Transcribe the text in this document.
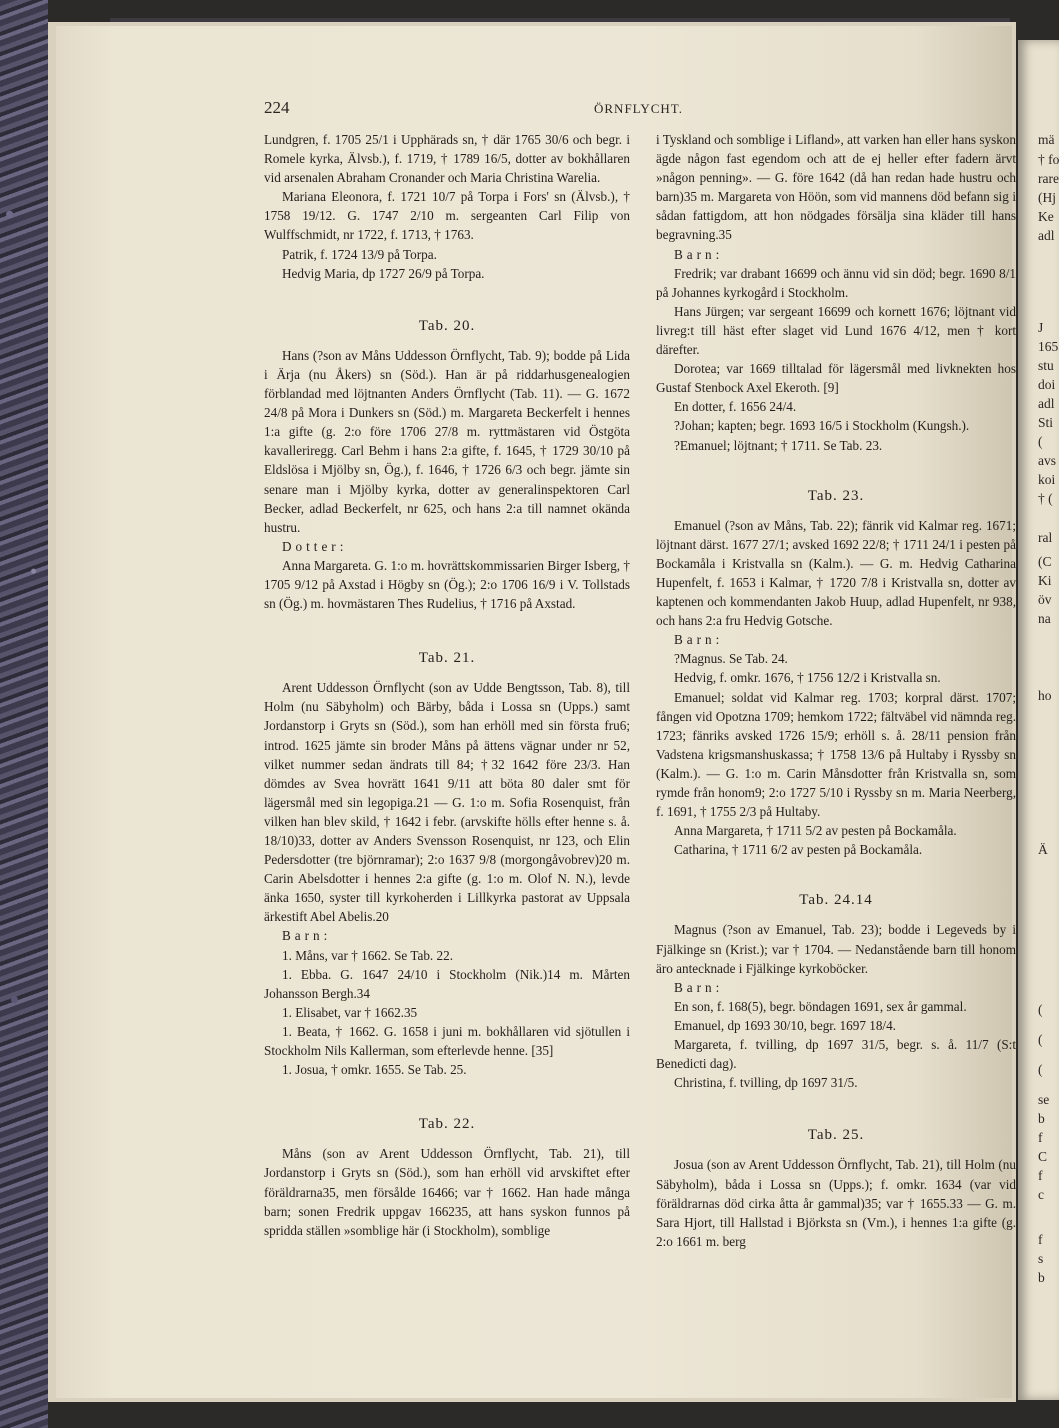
224	ÖRNFLYCHT.

Lundgren, f. 1705 25/1 i Upphärads sn, † där 1765 30/6 och begr. i Romele kyrka, Älvsb.), f. 1719, † 1789 16/5, dotter av bokhållaren vid arsenalen Abraham Cronander och Maria Christina Warelia.

Mariana Eleonora, f. 1721 10/7 på Torpa i Fors' sn (Älvsb.), † 1758 19/12. G. 1747 2/10 m. sergeanten Carl Filip von Wulffschmidt, nr 1722, f. 1713, † 1763.

Patrik, f. 1724 13/9 på Torpa.

Hedvig Maria, dp 1727 26/9 på Torpa.

Tab. 20.

Hans (?son av Måns Uddesson Örnflycht, Tab. 9); bodde på Lida i Ärja (nu Åkers) sn (Söd.). Han är på riddarhusgenealogien förblandad med löjtnanten Anders Örnflycht (Tab. 11). — G. 1672 24/8 på Mora i Dunkers sn (Söd.) m. Margareta Beckerfelt i hennes 1:a gifte (g. 2:o före 1706 27/8 m. ryttmästaren vid Östgöta kavalleriregg. Carl Behm i hans 2:a gifte, f. 1645, † 1729 30/10 på Eldslösa i Mjölby sn, Ög.), f. 1646, † 1726 6/3 och begr. jämte sin senare man i Mjölby kyrka, dotter av generalinspektoren Carl Becker, adlad Beckerfelt, nr 625, och hans 2:a till namnet okända hustru.

Dotter:

Anna Margareta. G. 1:o m. hovrättskommissarien Birger Isberg, † 1705 9/12 på Axstad i Högby sn (Ög.); 2:o 1706 16/9 i V. Tollstads sn (Ög.) m. hovmästaren Thes Rudelius, † 1716 på Axstad.

Tab. 21.

Arent Uddesson Örnflycht (son av Udde Bengtsson, Tab. 8), till Holm (nu Säbyholm) och Bärby, båda i Lossa sn (Upps.) samt Jordanstorp i Gryts sn (Söd.), som han erhöll med sin första fru6; introd. 1625 jämte sin broder Måns på ättens vägnar under nr 52, vilket nummer sedan ändrats till 84; †32 1642 före 23/3. Han dömdes av Svea hovrätt 1641 9/11 att böta 80 daler smt för lägersmål med sin legopiga.21 — G. 1:o m. Sofia Rosenquist, från vilken han blev skild, † 1642 i febr. (arvskifte hölls efter henne s. å. 18/10)33, dotter av Anders Svensson Rosenquist, nr 123, och Elin Pedersdotter (tre björnramar); 2:o 1637 9/8 (morgongåvobrev)20 m. Carin Abelsdotter i hennes 2:a gifte (g. 1:o m. Olof N. N.), levde änka 1650, syster till kyrkoherden i Lillkyrka pastorat av Uppsala ärkestift Abel Abelis.20

Barn:

1. Måns, var † 1662. Se Tab. 22.

1. Ebba. G. 1647 24/10 i Stockholm (Nik.)14 m. Mårten Johansson Bergh.34

1. Elisabet, var † 1662.35

1. Beata, † 1662. G. 1658 i juni m. bokhållaren vid sjötullen i Stockholm Nils Kallerman, som efterlevde henne. [35]

1. Josua, † omkr. 1655. Se Tab. 25.

Tab. 22.

Måns (son av Arent Uddesson Örnflycht, Tab. 21), till Jordanstorp i Gryts sn (Söd.), som han erhöll vid arvskiftet efter föräldrarna35, men försålde 16466; var † 1662. Han hade många barn; sonen Fredrik uppgav 166235, att hans syskon funnos på spridda ställen »somblige här (i Stockholm), somblige

i Tyskland och somblige i Lifland», att varken han eller hans syskon ägde någon fast egendom och att de ej heller efter fadern ärvt »någon penning». — G. före 1642 (då han redan hade hustru och barn)35 m. Margareta von Höön, som vid mannens död befann sig i sådan fattigdom, att hon nödgades försälja sina kläder till hans begravning.35

Barn:

Fredrik; var drabant 16699 och ännu vid sin död; begr. 1690 8/1 på Johannes kyrkogård i Stockholm.

Hans Jürgen; var sergeant 16699 och kornett 1676; löjtnant vid livreg:t till häst efter slaget vid Lund 1676 4/12, men † kort därefter.

Dorotea; var 1669 tilltalad för lägersmål med livknekten hos Gustaf Stenbock Axel Ekeroth. [9]

En dotter, f. 1656 24/4.

?Johan; kapten; begr. 1693 16/5 i Stockholm (Kungsh.).

?Emanuel; löjtnant; † 1711. Se Tab. 23.

Tab. 23.

Emanuel (?son av Måns, Tab. 22); fänrik vid Kalmar reg. 1671; löjtnant därst. 1677 27/1; avsked 1692 22/8; † 1711 24/1 i pesten på Bockamåla i Kristvalla sn (Kalm.). — G. m. Hedvig Catharina Hupenfelt, f. 1653 i Kalmar, † 1720 7/8 i Kristvalla sn, dotter av kaptenen och kommendanten Jakob Huup, adlad Hupenfelt, nr 938, och hans 2:a fru Hedvig Gotsche.

Barn:

?Magnus. Se Tab. 24.

Hedvig, f. omkr. 1676, † 1756 12/2 i Kristvalla sn.

Emanuel; soldat vid Kalmar reg. 1703; korpral därst. 1707; fången vid Opotzna 1709; hemkom 1722; fältväbel vid nämnda reg. 1723; fänriks avsked 1726 15/9; erhöll s. å. 28/11 pension från Vadstena krigsmanshuskassa; † 1758 13/6 på Hultaby i Ryssby sn (Kalm.). — G. 1:o m. Carin Månsdotter från Kristvalla sn, som rymde från honom9; 2:o 1727 5/10 i Ryssby sn m. Maria Neerberg, f. 1691, † 1755 2/3 på Hultaby.

Anna Margareta, † 1711 5/2 av pesten på Bockamåla.

Catharina, † 1711 6/2 av pesten på Bockamåla.

Tab. 24.14

Magnus (?son av Emanuel, Tab. 23); bodde i Legeveds by i Fjälkinge sn (Krist.); var † 1704. — Nedanstående barn till honom äro antecknade i Fjälkinge kyrkoböcker.

Barn:

En son, f. 168(5), begr. böndagen 1691, sex år gammal.

Emanuel, dp 1693 30/10, begr. 1697 18/4.

Margareta, f. tvilling, dp 1697 31/5, begr. s. å. 11/7 (S:t Benedicti dag).

Christina, f. tvilling, dp 1697 31/5.

Tab. 25.

Josua (son av Arent Uddesson Örnflycht, Tab. 21), till Holm (nu Säbyholm), båda i Lossa sn (Upps.); f. omkr. 1634 (var vid föräldrarnas död cirka åtta år gammal)35; var † 1655.33 — G. m. Sara Hjort, till Hallstad i Björksta sn (Vm.), i hennes 1:a gifte (g. 2:o 1661 m. berg

mä
† fo
rare
(Hj
Ke
adl
J
165
stu
doi
adl
Sti
(
avs
koi
† (
ral
(C
Ki
öv
na
ho
Ä
(
(
(
se
b
f
C
f
c
f
s
b
